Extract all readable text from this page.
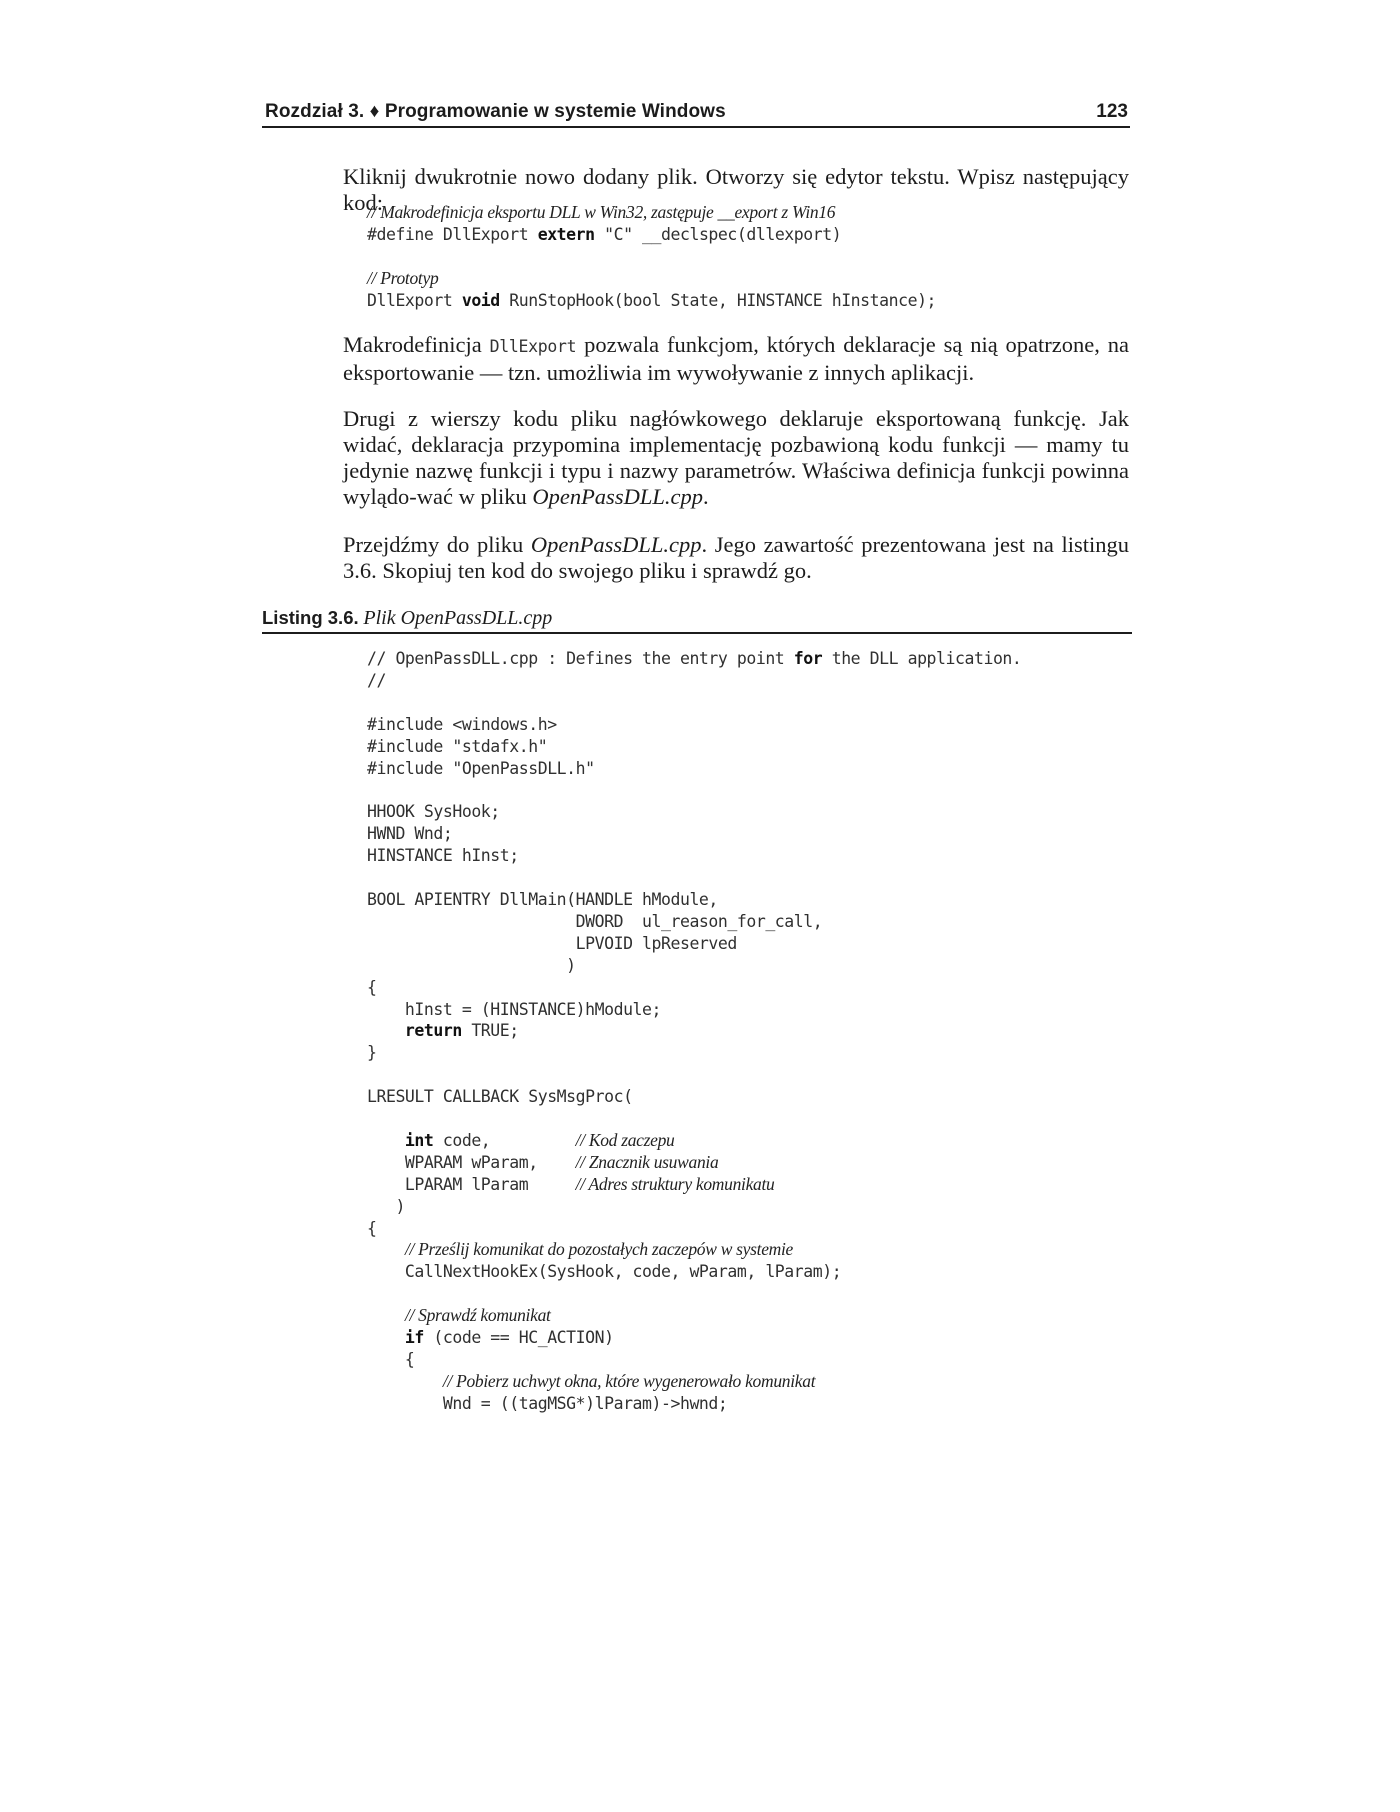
Rozdział 3. ♦ Programowanie w systemie Windows	123

Kliknij dwukrotnie nowo dodany plik. Otworzy się edytor tekstu. Wpisz następujący kod:

// Makrodefinicja eksportu DLL w Win32, zastępuje __export z Win16
#define DllExport extern "C" __declspec(dllexport)

// Prototyp
DllExport void RunStopHook(bool State, HINSTANCE hInstance);

Makrodefinicja DllExport pozwala funkcjom, których deklaracje są nią opatrzone, na eksportowanie — tzn. umożliwia im wywoływanie z innych aplikacji.

Drugi z wierszy kodu pliku nagłówkowego deklaruje eksportowaną funkcję. Jak widać, deklaracja przypomina implementację pozbawioną kodu funkcji — mamy tu jedynie nazwę funkcji i typu i nazwy parametrów. Właściwa definicja funkcji powinna wylądo-wać w pliku OpenPassDLL.cpp.

Przejdźmy do pliku OpenPassDLL.cpp. Jego zawartość prezentowana jest na listingu 3.6. Skopiuj ten kod do swojego pliku i sprawdź go.

Listing 3.6. Plik OpenPassDLL.cpp
// OpenPassDLL.cpp : Defines the entry point for the DLL application.
//

#include <windows.h>
#include "stdafx.h"
#include "OpenPassDLL.h"

HHOOK SysHook;
HWND Wnd;
HINSTANCE hInst;

BOOL APIENTRY DllMain(HANDLE hModule,
DWORD  ul_reason_for_call,
LPVOID lpReserved
)
{
hInst = (HINSTANCE)hModule;
return TRUE;
}

LRESULT CALLBACK SysMsgProc(

int code,         // Kod zaczepu
WPARAM wParam,    // Znacznik usuwania
LPARAM lParam     // Adres struktury komunikatu
)
{
// Prześlij komunikat do pozostałych zaczepów w systemie
CallNextHookEx(SysHook, code, wParam, lParam);

// Sprawdź komunikat
if (code == HC_ACTION)
{
// Pobierz uchwyt okna, które wygenerowało komunikat
Wnd = ((tagMSG*)lParam)->hwnd;
